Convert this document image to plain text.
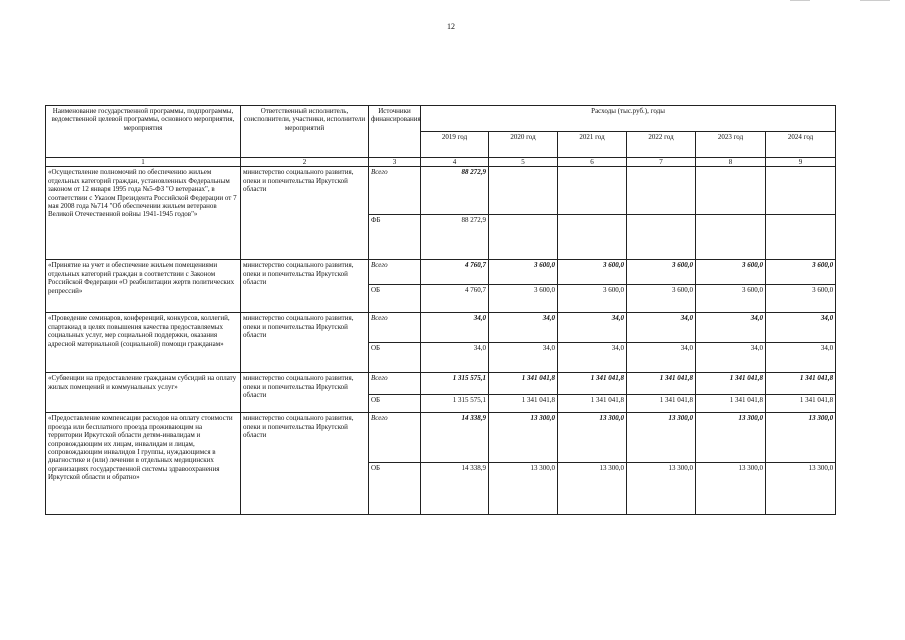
12
Наименование государственной программы, подпрограммы, ведомственной целевой программы, основного мероприятия, мероприятия	Ответственный исполнитель, соисполнители, участники, исполнители мероприятий	Источники финансирования	Расходы (тыс.руб.), годы					
			2019 год	2020 год	2021 год	2022 год	2023 год	2024 год
1	2	3	4	5	6	7	8	9
«Осуществление полномочий по обеспечению жильем отдельных категорий граждан, установленных Федеральным законом от 12 января 1995 года №5-ФЗ "О ветеранах", в соответствии с Указом Президента Российской Федерации от 7 мая 2008 года №714 "Об обеспечении жильем ветеранов Великой Отечественной войны 1941-1945 годов"»	министерство социального развития, опеки и попечительства Иркутской области	Всего	88 272,9					
		ФБ	88 272,9					
«Принятие на учет и обеспечение жильем помещениями отдельных категорий граждан в соответствии с Законом Российской Федерации «О реабилитации жертв политических репрессий»	министерство социального развития, опеки и попечительства Иркутской области	Всего	4 760,7	3 600,0	3 600,0	3 600,0	3 600,0	3 600,0
		ОБ	4 760,7	3 600,0	3 600,0	3 600,0	3 600,0	3 600,0
«Проведение семинаров, конференций, конкурсов, коллегий, спартакиад в целях повышения качества предоставляемых социальных услуг, мер социальной поддержки, оказания адресной материальной (социальной) помощи гражданам»	министерство социального развития, опеки и попечительства Иркутской области	Всего	34,0	34,0	34,0	34,0	34,0	34,0
		ОБ	34,0	34,0	34,0	34,0	34,0	34,0
«Субвенции на предоставление гражданам субсидий на оплату жилых помещений и коммунальных услуг»	министерство социального развития, опеки и попечительства Иркутской области	Всего	1 315 575,1	1 341 041,8	1 341 041,8	1 341 041,8	1 341 041,8	1 341 041,8
		ОБ	1 315 575,1	1 341 041,8	1 341 041,8	1 341 041,8	1 341 041,8	1 341 041,8
«Предоставление компенсации расходов на оплату стоимости проезда или бесплатного проезда проживающим на территории Иркутской области детям-инвалидам и сопровождающим их лицам, инвалидам и лицам, сопровождающим инвалидов I группы, нуждающимся в диагностике и (или) лечении в отдельных медицинских организациях государственной системы здравоохранения Иркутской области и обратно»	министерство социального развития, опеки и попечительства Иркутской области	Всего	14 338,9	13 300,0	13 300,0	13 300,0	13 300,0	13 300,0
		ОБ	14 338,9	13 300,0	13 300,0	13 300,0	13 300,0	13 300,0
